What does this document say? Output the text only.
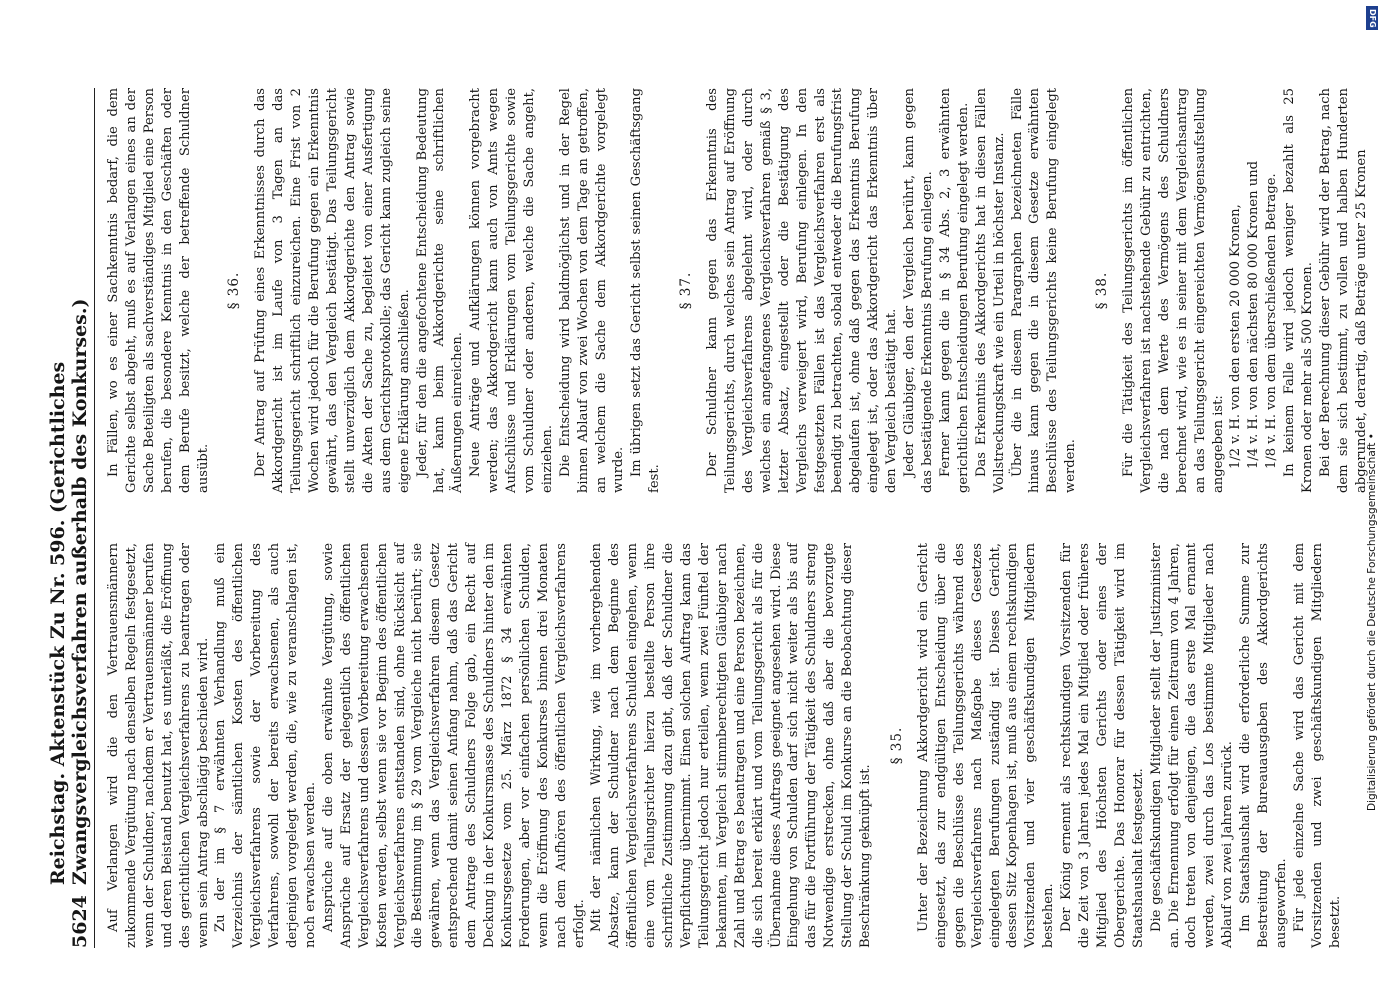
5624
Reichstag. Aktenstück Zu Nr. 596. (Gerichtliches Zwangsvergleichsverfahren außerhalb des Konkurses.) Auf Verlangen wird die den Vertrauensmännern zukommende Vergütung nach denselben Regeln festgesetzt, wenn der Schuldner, nachdem er Vertrauensmänner berufen und deren Beistand benutzt hat, es unterläßt, die Eröffnung des gerichtlichen Vergleichsverfahrens zu beantragen oder wenn sein Antrag abschlägig beschieden wird. Zu der im § 7 erwähnten Verhandlung muß ein Verzeichnis der sämtlichen Kosten des öffentlichen Vergleichsverfahrens sowie der Vorbereitung des Verfahrens, sowohl der bereits erwachsenen, als auch derjenigen vorgelegt werden, die, wie zu veranschlagen ist, noch erwachsen werden. Ansprüche auf die oben erwähnte Vergütung, sowie Ansprüche auf Ersatz der gelegentlich des öffentlichen Vergleichsverfahrens und dessen Vorbereitung erwachsenen Kosten werden, selbst wenn sie vor Beginn des öffentlichen Vergleichsverfahrens entstanden sind, ohne Rücksicht auf die Bestimmung im § 29 vom Vergleiche nicht berührt; sie gewähren, wenn das Vergleichsverfahren diesem Gesetz entsprechend damit seinen Anfang nahm, daß das Gericht dem Antrage des Schuldners Folge gab, ein Recht auf Deckung in der Konkursmasse des Schuldners hinter den im Konkursgesetze vom 25. März 1872 § 34 erwähnten Forderungen, aber vor einfachen persönlichen Schulden, wenn die Eröffnung des Konkurses binnen drei Monaten nach dem Aufhören des öffentlichen Vergleichsverfahrens erfolgt. Mit der nämlichen Wirkung, wie im vorhergehenden Absatze, kann der Schuldner nach dem Beginne des öffentlichen Vergleichsverfahrens Schulden eingehen, wenn eine vom Teilungsrichter hierzu bestellte Person ihre schriftliche Zustimmung dazu gibt, daß der Schuldner die Verpflichtung übernimmt. Einen solchen Auftrag kann das Teilungsgericht jedoch nur erteilen, wenn zwei Fünftel der bekannten, im Vergleich stimmberechtigten Gläubiger nach Zahl und Betrag es beantragen und eine Person bezeichnen, die sich bereit erklärt und vom Teilungsgericht als für die Übernahme dieses Auftrags geeignet angesehen wird. Diese Eingehung von Schulden darf sich nicht weiter als bis auf das für die Fortführung der Tätigkeit des Schuldners streng Notwendige erstrecken, ohne daß aber die bevorzugte Stellung der Schuld im Konkurse an die Beobachtung dieser Beschränkung geknüpft ist.

§ 35. Unter der Bezeichnung Akkordgericht wird ein Gericht eingesetzt, das zur endgültigen Entscheidung über die gegen die Beschlüsse des Teilungsgerichts während des Vergleichsverfahrens nach Maßgabe dieses Gesetzes eingelegten Berufungen zuständig ist. Dieses Gericht, dessen Sitz Kopenhagen ist, muß aus einem rechtskundigen Vorsitzenden und vier geschäftskundigen Mitgliedern bestehen. Der König ernennt als rechtskundigen Vorsitzenden für die Zeit von 3 Jahren jedes Mal ein Mitglied oder früheres Mitglied des Höchsten Gerichts oder eines der Obergerichte. Das Honorar für dessen Tätigkeit wird im Staatshaushalt festgesetzt. Die geschäftskundigen Mitglieder stellt der Justizminister an. Die Ernennung erfolgt für einen Zeitraum von 4 Jahren, doch treten von denjenigen, die das erste Mal ernannt werden, zwei durch das Los bestimmte Mitglieder nach Ablauf von zwei Jahren zurück. Im Staatshaushalt wird die erforderliche Summe zur Bestreitung der Bureauausgaben des Akkordgerichts ausgeworfen. Für jede einzelne Sache wird das Gericht mit dem Vorsitzenden und zwei geschäftskundigen Mitgliedern besetzt.

In Fällen, wo es einer Sachkenntnis bedarf, die dem Gerichte selbst abgeht, muß es auf Verlangen eines an der Sache Beteiligten als sachverständiges Mitglied eine Person berufen, die besondere Kenntnis in den Geschäften oder dem Berufe besitzt, welche der betreffende Schuldner ausübt.

§ 36. Der Antrag auf Prüfung eines Erkenntnisses durch das Akkordgericht ist im Laufe von 3 Tagen an das Teilungsgericht schriftlich einzureichen. Eine Frist von 2 Wochen wird jedoch für die Berufung gegen ein Erkenntnis gewährt, das den Vergleich bestätigt. Das Teilungsgericht stellt unverzüglich dem Akkordgerichte den Antrag sowie die Akten der Sache zu, begleitet von einer Ausfertigung aus dem Gerichtsprotokolle; das Gericht kann zugleich seine eigene Erklärung anschließen. Jeder, für den die angefochtene Entscheidung Bedeutung hat, kann beim Akkordgerichte seine schriftlichen Äußerungen einreichen. Neue Anträge und Aufklärungen können vorgebracht werden; das Akkordgericht kann auch von Amts wegen Aufschlüsse und Erklärungen vom Teilungsgerichte sowie vom Schuldner oder anderen, welche die Sache angeht, einziehen. Die Entscheidung wird baldmöglichst und in der Regel binnen Ablauf von zwei Wochen von dem Tage an getroffen, an welchem die Sache dem Akkordgerichte vorgelegt wurde. Im übrigen setzt das Gericht selbst seinen Geschäftsgang fest.

§ 37. Der Schuldner kann gegen das Erkenntnis des Teilungsgerichts, durch welches sein Antrag auf Eröffnung des Vergleichsverfahrens abgelehnt wird, oder durch welches ein angefangenes Vergleichsverfahren gemäß § 3, letzter Absatz, eingestellt oder die Bestätigung des Vergleichs verweigert wird, Berufung einlegen. In den festgesetzten Fällen ist das Vergleichsverfahren erst als beendigt zu betrachten, sobald entweder die Berufungsfrist abgelaufen ist, ohne daß gegen das Erkenntnis Berufung eingelegt ist, oder das Akkordgericht das Erkenntnis über den Vergleich bestätigt hat. Jeder Gläubiger, den der Vergleich berührt, kann gegen das bestätigende Erkenntnis Berufung einlegen. Ferner kann gegen die in § 34 Abs. 2, 3 erwähnten gerichtlichen Entscheidungen Berufung eingelegt werden. Das Erkenntnis des Akkordgerichts hat in diesen Fällen Vollstreckungskraft wie ein Urteil in höchster Instanz. Über die in diesem Paragraphen bezeichneten Fälle hinaus kann gegen die in diesem Gesetze erwähnten Beschlüsse des Teilungsgerichts keine Berufung eingelegt werden.

§ 38. Für die Tätigkeit des Teilungsgerichts im öffentlichen Vergleichsverfahren ist nachstehende Gebühr zu entrichten, die nach dem Werte des Vermögens des Schuldners berechnet wird, wie es in seiner mit dem Vergleichsantrag an das Teilungsgericht eingereichten Vermögensaufstellung angegeben ist: 1/2 v. H. von den ersten 20 000 Kronen, 1/4 v. H. von den nächsten 80 000 Kronen und 1/8 v. H. von dem überschießenden Betrage. In keinem Falle wird jedoch weniger bezahlt als 25 Kronen oder mehr als 500 Kronen. Bei der Berechnung dieser Gebühr wird der Betrag, nach dem sie sich bestimmt, zu vollen und halben Hunderten abgerundet, derartig, daß Beträge unter 25 Kronen

Digitalisierung gefördert durch die Deutsche Forschungsgemeinschaft •
DFG
